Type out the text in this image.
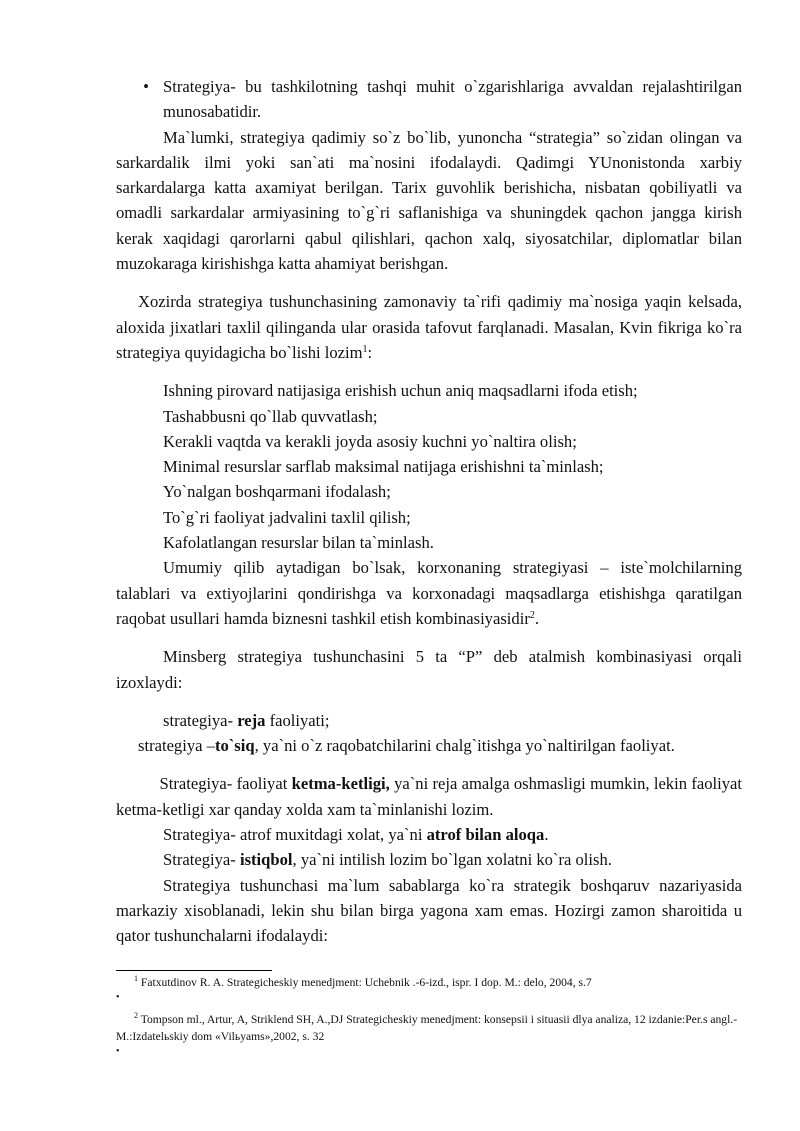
• Strategiya- bu tashkilotning tashqi muhit o`zgarishlariga avvaldan rejalashtirilgan munosabatidir.

Ma`lumki, strategiya qadimiy so`z bo`lib, yunoncha “strategia” so`zidan olingan va sarkardalik ilmi yoki san`ati ma`nosini ifodalaydi. Qadimgi YUnonistonda xarbiy sarkardalarga katta axamiyat berilgan. Tarix guvohlik berishicha, nisbatan qobiliyatli va omadli sarkardalar armiyasining to`g`ri saflanishiga va shuningdek qachon jangga kirish kerak xaqidagi qarorlarni qabul qilishlari, qachon xalq, siyosatchilar, diplomatlar bilan muzokaraga kirishishga katta ahamiyat berishgan.

Xozirda strategiya tushunchasining zamonaviy ta`rifi qadimiy ma`nosiga yaqin kelsada, aloxida jixatlari taxlil qilinganda ular orasida tafovut farqlanadi. Masalan, Kvin fikriga ko`ra strategiya quyidagicha bo`lishi lozim$^1$:

Ishning pirovard natijasiga erishish uchun aniq maqsadlarni ifoda etish;

Tashabbusni qo`llab quvvatlash;

Kerakli vaqtda va kerakli joyda asosiy kuchni yo`naltira olish;

Minimal resurslar sarflab maksimal natijaga erishishni ta`minlash;

Yo`nalgan boshqarmani ifodalash;

To`g`ri faoliyat jadvalini taxlil qilish;

Kafolatlangan resurslar bilan ta`minlash.

Umumiy qilib aytadigan bo`lsak, korxonaning strategiyasi – iste`molchilarning talablari va extiyojlarini qondirishga va korxonadagi maqsadlarga etishishga qaratilgan raqobat usullari hamda biznesni tashkil etish kombinasiyasidir$^2$.

Minsberg strategiya tushunchasini 5 ta “P” deb atalmish kombinasiyasi orqali izoxlaydi:

strategiya- reja faoliyati;

strategiya –to`siq, ya`ni o`z raqobatchilarini chalg`itishga yo`naltirilgan faoliyat.

Strategiya- faoliyat ketma-ketligi, ya`ni reja amalga oshmasligi mumkin, lekin faoliyat ketma-ketligi xar qanday xolda xam ta`minlanishi lozim.

Strategiya- atrof muxitdagi xolat, ya`ni atrof bilan aloqa.

Strategiya- istiqbol, ya`ni intilish lozim bo`lgan xolatni ko`ra olish.

Strategiya tushunchasi ma`lum sabablarga ko`ra strategik boshqaruv nazariyasida markaziy xisoblanadi, lekin shu bilan birga yagona xam emas. Hozirgi zamon sharoitida u qator tushunchalarni ifodalaydi:

$^1$ Fatxutdinov R. A. Strategicheskiy menedjment: Uchebnik .-6-izd., ispr. I dop. M.: delo, 2004, s.7

•

$^2$ Tompson ml., Artur, A, Striklend SH, A.,DJ Strategicheskiy menedjment: konsepsii i situasii dlya analiza, 12 izdanie:Per.s angl.-M.:Izdatelьskiy dom «Vilьyams»,2002, s. 32

•
